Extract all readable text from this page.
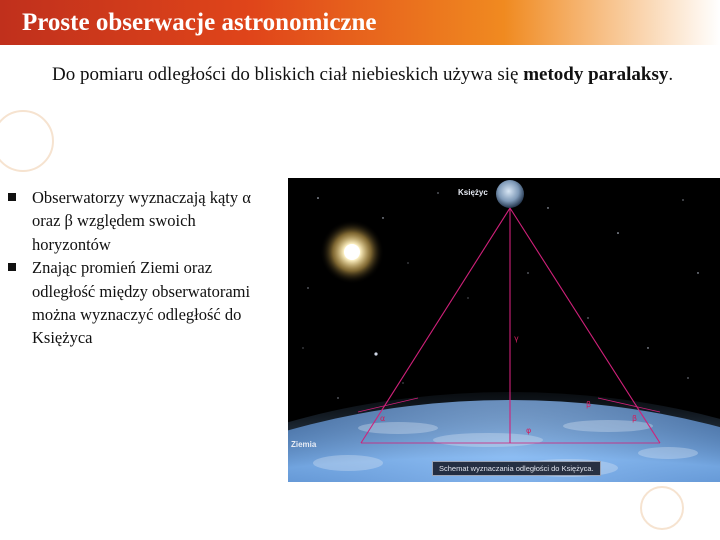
Proste obserwacje astronomiczne
Do pomiaru odległości do bliskich ciał niebieskich używa się metody paralaksy.
Obserwatorzy wyznaczają kąty α oraz β względem swoich horyzontów
Znając promień Ziemi oraz odległość między obserwatorami można wyznaczyć odległość do Księżyca
Księżyc
Ziemia
γ
β
α	β
φ
Schemat wyznaczania odległości do Księżyca.
